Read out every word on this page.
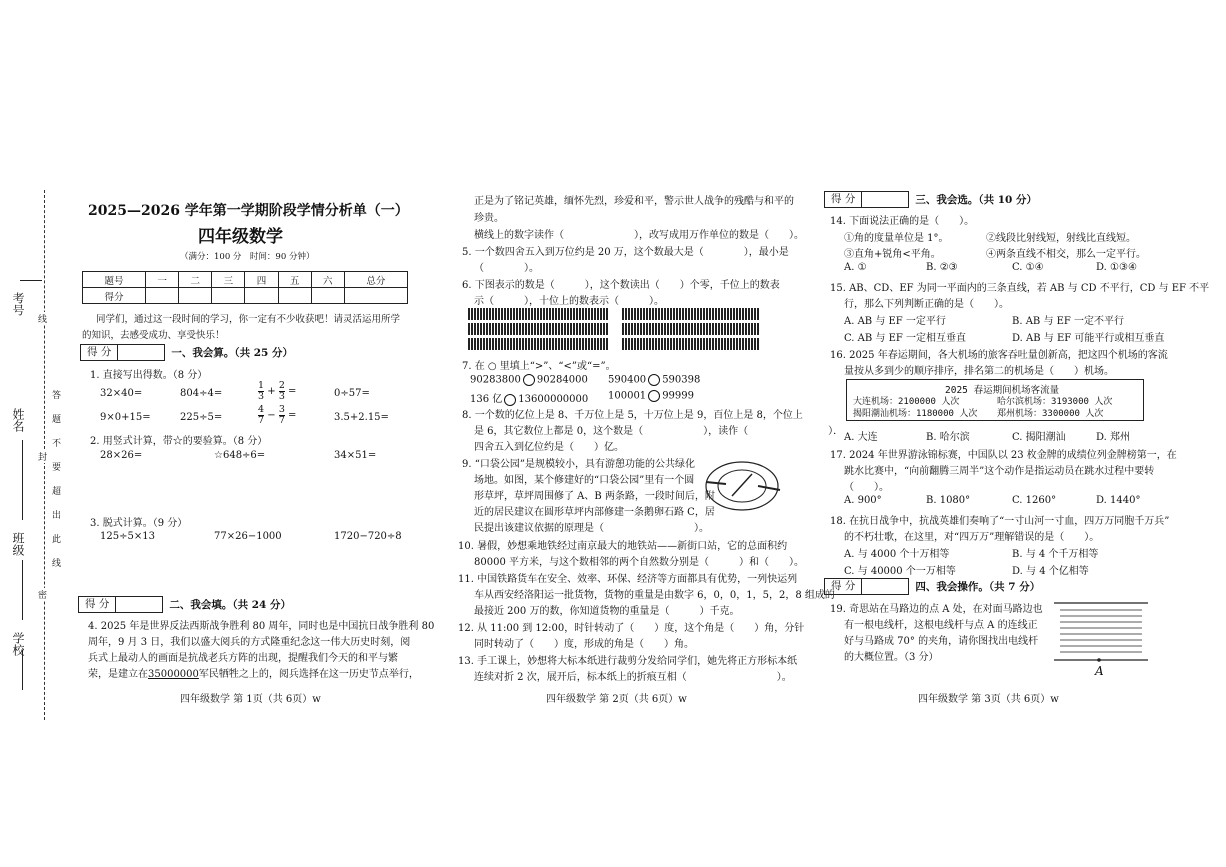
考号
姓名
班级
学校
线
封
密
答
题
不
要
超
出
此
线
2025—2026 学年第一学期阶段学情分析单（一）
四年级数学
（满分：100 分　时间：90 分钟）
题号	一	二	三	四	五	六	总分
得分							
同学们，通过这一段时间的学习，你一定有不少收获吧！请灵活运用所学
的知识，去感受成功、享受快乐！
得 分	一、我会算。（共 25 分）
1. 直接写出得数。（8 分）
32×40=	804÷4=	$\frac{1}{3} + \frac{2}{3}$ =	0÷57=
9×0+15=	225÷5=	$\frac{4}{7} - \frac{3}{7}$ =	3.5+2.15=
2. 用竖式计算，带☆的要验算。（8 分）
28×26=	☆648÷6=	34×51=
3. 脱式计算。（9 分）
125÷5×13	77×26−1000	1720−720÷8
得 分	二、我会填。（共 24 分）
4. 2025 年是世界反法西斯战争胜利 80 周年，同时也是中国抗日战争胜利 80
周年，9 月 3 日，我们以盛大阅兵的方式隆重纪念这一伟大历史时刻，阅
兵式上最动人的画面是抗战老兵方阵的出现，提醒我们今天的和平与繁
荣，是建立在35000000军民牺牲之上的，阅兵选择在这一历史节点举行，
四年级数学 第 1页（共 6页）w
正是为了铭记英雄，缅怀先烈，珍爱和平，警示世人战争的残酷与和平的
珍贵。
横线上的数字读作（　　　　　　　），改写成用万作单位的数是（　　）。
5. 一个数四舍五入到万位约是 20 万，这个数最大是（　　　　），最小是
（　　　　）。
6. 下图表示的数是（　　　），这个数读出（　　）个零，千位上的数表
示（　　　），十位上的数表示（　　　）。
7. 在 ○ 里填上“>”、“<”或“=”。
90283800 90284000 590400 590398
136 亿 13600000000 100001 99999
8. 一个数的亿位上是 8、千万位上是 5，十万位上是 9，百位上是 8，个位上
是 6，其它数位上都是 0，这个数是（　　　　　　），读作（　　　　　　　　）．
四舍五入到亿位约是（　　）亿。
9. “口袋公园”是规模较小，具有游憩功能的公共绿化
场地。如图，某个修建好的“口袋公园”里有一个圆
形草坪，草坪周围修了 A、B 两条路，一段时间后，附
近的居民建议在圆形草坪内部修建一条鹅卵石路 C，居
民提出该建议依据的原理是（　　　　　　　　　）。
10. 暑假，妙想乘地铁经过南京最大的地铁站——新街口站，它的总面积约
80000 平方米，与这个数相邻的两个自然数分别是（　　　）和（　　）。
11. 中国铁路货车在安全、效率、环保、经济等方面都具有优势，一列快运列
车从西安经洛阳运一批货物，货物的重量是由数字 6，0，0，1，5，2，8 组成的
最接近 200 万的数，你知道货物的重量是（　　　）千克。
12. 从 11:00 到 12:00，时针转动了（　　）度，这个角是（　　）角，分针
同时转动了（　　）度，形成的角是（　　）角。
13. 手工课上，妙想将大标本纸进行裁剪分发给同学们，她先将正方形标本纸
连续对折 2 次，展开后，标本纸上的折痕互相（　　　　　　　　　）。
四年级数学 第 2页（共 6页）w
得 分	三、我会选。（共 10 分）
14. 下面说法正确的是（　　）。
①角的度量单位是 1°。	②线段比射线短，射线比直线短。
③直角+锐角<平角。	④两条直线不相交，那么一定平行。
A. ①	B. ②③	C. ①④	D. ①③④
15. AB、CD、EF 为同一平面内的三条直线，若 AB 与 CD 不平行，CD 与 EF 不平
行，那么下列判断正确的是（　　）。
A. AB 与 EF 一定平行	B. AB 与 EF 一定不平行
C. AB 与 EF 一定相互垂直	D. AB 与 EF 可能平行或相互垂直
16. 2025 年春运期间，各大机场的旅客吞吐量创新高，把这四个机场的客流
量按从多到少的顺序排序，排名第二的机场是（　　）机场。
2025 春运期间机场客流量
大连机场：2100000 人次	哈尔滨机场：3193000 人次
揭阳潮汕机场：1180000 人次 郑州机场：3300000 人次
A. 大连	B. 哈尔滨	C. 揭阳潮汕	D. 郑州
17. 2024 年世界游泳锦标赛，中国队以 23 枚金牌的成绩位列金牌榜第一，在
跳水比赛中，“向前翻腾三周半”这个动作是指运动员在跳水过程中要转
（　　）。
A. 900°	B. 1080°	C. 1260°	D. 1440°
18. 在抗日战争中，抗战英雄们奏响了“一寸山河一寸血，四万万同胞千万兵”
的不朽壮歌，在这里，对“四万万”理解错误的是（　　）。
A. 与 4000 个十万相等	B. 与 4 个千万相等
C. 与 40000 个一万相等	D. 与 4 个亿相等
得 分	四、我会操作。（共 7 分）
19. 奇思站在马路边的点 A 处，在对面马路边也
有一根电线杆，这根电线杆与点 A 的连线正
好与马路成 70° 的夹角，请你图找出电线杆
的大概位置。（3 分）
A
四年级数学 第 3页（共 6页）w
